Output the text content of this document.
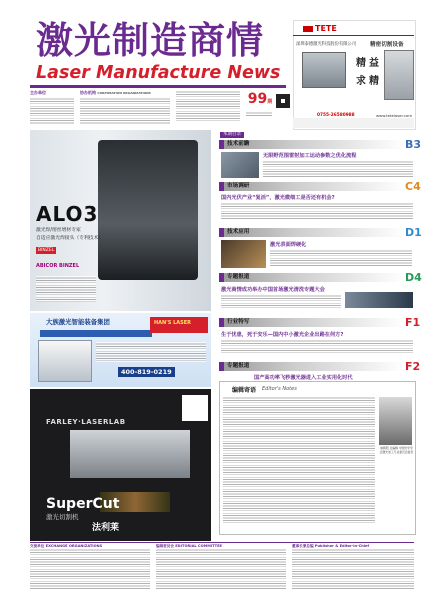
激光制造商情
Laser Manufacture News
主办单位	协办机构 CORPORATION ORGANIZATIONS	99期
TETE
深圳泰德激光科技股份有限公司	精密切割设备
精益
求精
0755-26580988	www.tetelaser.com
ALO3
激光焊/熔丝增材专家
自适应激光焊接头（专利技术）
BINZEL
ABICOR BINZEL
大族激光智能装备集团	HAN'S LASER
400-819-0219
FARLEY·LASERLAB
SuperCut
激光切割机
法利莱
本期目录
技术前瞻	B3
无限野范围雷射加工运动参数之优化流程
市场调研	C4
国内光伏产业“复活”，激光微细工是否还有机会?
技术应用	D1
激光表面焊硬化
专题报道	D4
激光商情成功举办中国首场激光清洗专题大会
行业特写	F1
生于忧患，死于安乐—国内中小激光企业出路在何方?
专题报道	F2
国产高功率飞秒激光器进入工业实用化时代
编辑寄语 Editor's Notes
姚朝阳 总编辑 中国光学学会激光加工专业委员会委员
交流单位 EXCHANGE ORGANIZATIONS	编辑委员会 EDITORIAL COMMITTEE	董事长兼总编 Publisher & Editor-in-Chief
